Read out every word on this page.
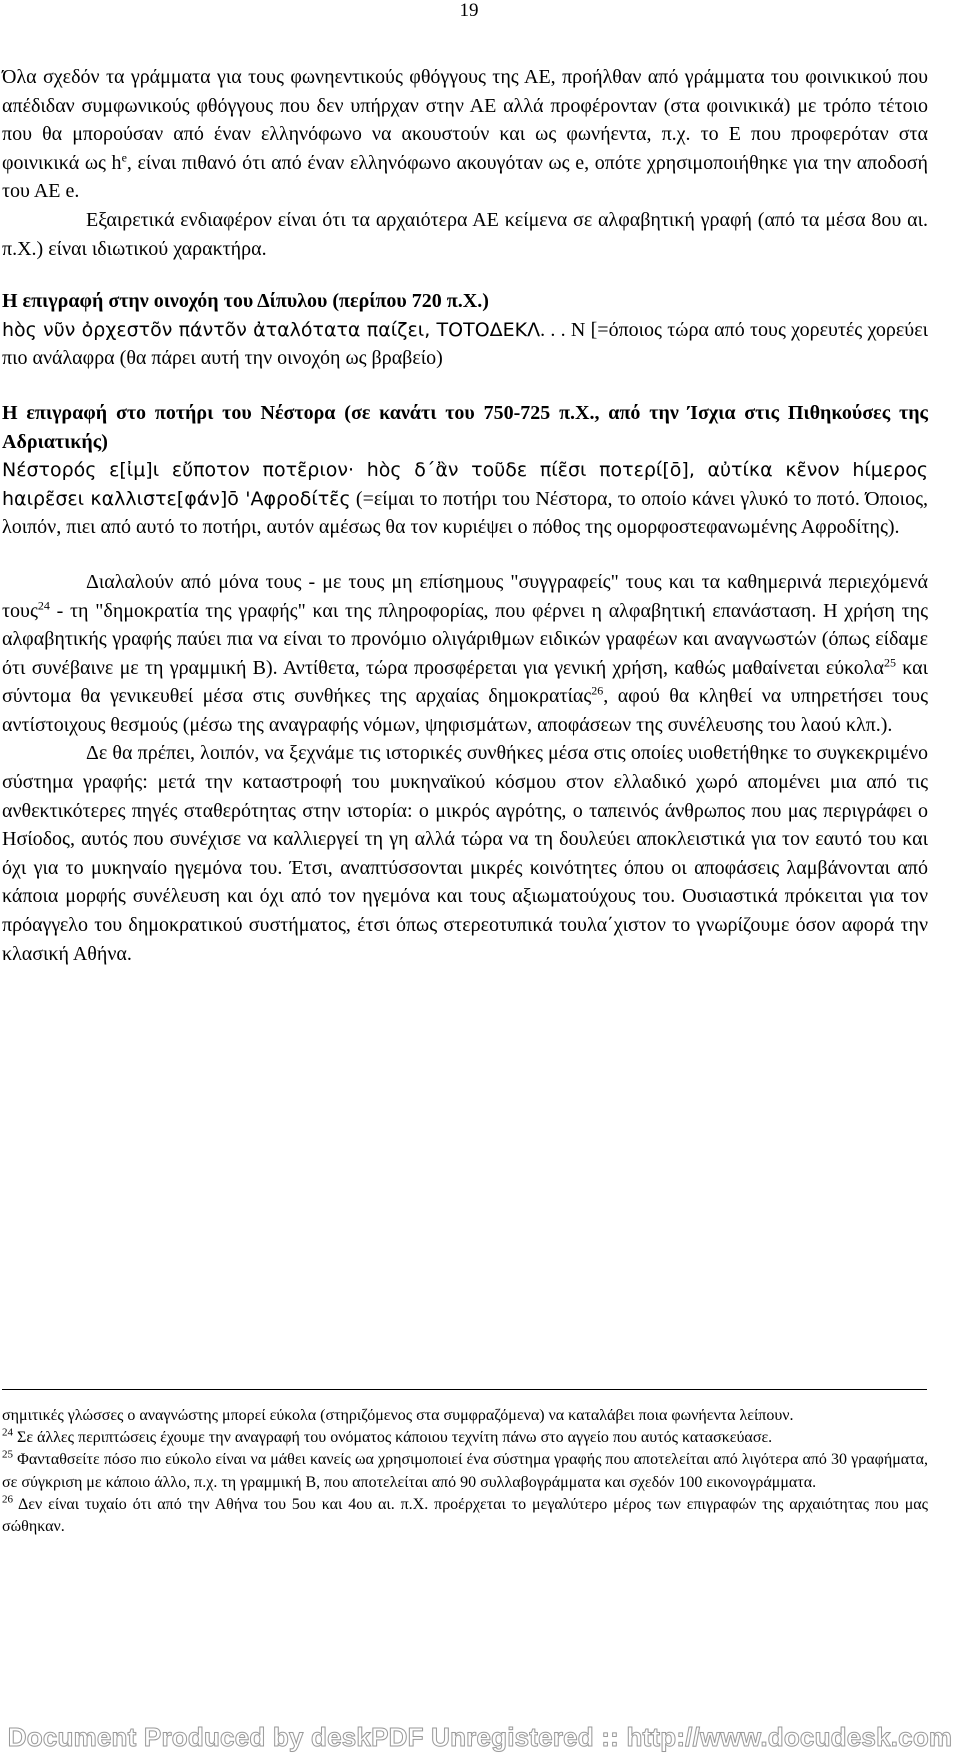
19

Όλα σχεδόν τα γράμματα για τους φωνηεντικούς φθόγγους της ΑΕ, προήλθαν από γράμματα του φοινικικού που απέδιδαν συμφωνικούς φθόγγους που δεν υπήρχαν στην ΑΕ αλλά προφέρονταν (στα φοινικικά) με τρόπο τέτοιο που θα μπορούσαν από έναν ελληνόφωνο να ακουστούν και ως φωνήεντα, π.χ. το Ε που προφερόταν στα φοινικικά ως $h^e$, είναι πιθανό ότι από έναν ελληνόφωνο ακουγόταν ως e, οπότε χρησιμοποιήθηκε για την αποδοσή του ΑΕ e.

Εξαιρετικά ενδιαφέρον είναι ότι τα αρχαιότερα ΑΕ κείμενα σε αλφαβητική γραφή (από τα μέσα 8ου αι. π.Χ.) είναι ιδιωτικού χαρακτήρα.

Η επιγραφή στην οινοχόη του Δίπυλου (περίπου 720 π.Χ.)

hὸς νῦν ὀρχεστõν πάντõν ἀταλότατα παίζει, ΤΟΤΟΔΕΚΛ. . . Ν [=όποιος τώρα από τους χορευτές χορεύει πιο ανάλαφρα (θα πάρει αυτή την οινοχόη ως βραβείο)

Η επιγραφή στο ποτήρι του Νέστορα (σε κανάτι του 750-725 π.Χ., από την Ίσχια στις Πιθηκούσες της Αδριατικής)

Νέστορός ε[ἰμ]ι εὔποτον ποτε͂ριον· hὸς δ΄ἂν τοῦδε πίε͂σι ποτερί[ō], αὐτίκα κε͂νον hίμερος hαιρε͂σει καλλιστε[φάν]ō 'Αφροδίτε͂ς (=είμαι το ποτήρι του Νέστορα, το οποίο κάνει γλυκό το ποτό. Όποιος, λοιπόν, πιει από αυτό το ποτήρι, αυτόν αμέσως θα τον κυριέψει ο πόθος της ομορφοστεφανωμένης Αφροδίτης).

Διαλαλούν από μόνα τους - με τους μη επίσημους "συγγραφείς" τους και τα καθημερινά περιεχόμενά τους$^{24}$ - τη "δημοκρατία της γραφής" και της πληροφορίας, που φέρνει η αλφαβητική επανάσταση. Η χρήση της αλφαβητικής γραφής παύει πια να είναι το προνόμιο ολιγάριθμων ειδικών γραφέων και αναγνωστών (όπως είδαμε ότι συνέβαινε με τη γραμμική Β). Αντίθετα, τώρα προσφέρεται για γενική χρήση, καθώς μαθαίνεται εύκολα$^{25}$ και σύντομα θα γενικευθεί μέσα στις συνθήκες της αρχαίας δημοκρατίας$^{26}$, αφού θα κληθεί να υπηρετήσει τους αντίστοιχους θεσμούς (μέσω της αναγραφής νόμων, ψηφισμάτων, αποφάσεων της συνέλευσης του λαού κλπ.).

Δε θα πρέπει, λοιπόν, να ξεχνάμε τις ιστορικές συνθήκες μέσα στις οποίες υιοθετήθηκε το συγκεκριμένο σύστημα γραφής: μετά την καταστροφή του μυκηναϊκού κόσμου στον ελλαδικό χωρό απομένει μια από τις ανθεκτικότερες πηγές σταθερότητας στην ιστορία: ο μικρός αγρότης, ο ταπεινός άνθρωπος που μας περιγράφει ο Ησίοδος, αυτός που συνέχισε να καλλιεργεί τη γη αλλά τώρα να τη δουλεύει αποκλειστικά για τον εαυτό του και όχι για το μυκηναίο ηγεμόνα του. Έτσι, αναπτύσσονται μικρές κοινότητες όπου οι αποφάσεις λαμβάνονται από κάποια μορφής συνέλευση και όχι από τον ηγεμόνα και τους αξιωματούχους του. Ουσιαστικά πρόκειται για τον πρόαγγελο του δημοκρατικού συστήματος, έτσι όπως στερεοτυπικά τουλα΄χιστον το γνωρίζουμε όσον αφορά την κλασική Αθήνα.

σημιτικές γλώσσες ο αναγνώστης μπορεί εύκολα (στηριζόμενος στα συμφραζόμενα) να καταλάβει ποια φωνήεντα λείπουν.

$^{24}$ Σε άλλες περιπτώσεις έχουμε την αναγραφή του ονόματος κάποιου τεχνίτη πάνω στο αγγείο που αυτός κατασκεύασε.

$^{25}$ Φανταθσείτε πόσο πιο εύκολο είναι να μάθει κανείς ωα χρησιμοποιεί ένα σύστημα γραφής που αποτελείται από λιγότερα από 30 γραφήματα, σε σύγκριση με κάποιο άλλο, π.χ. τη γραμμική Β, που αποτελείται από 90 συλλαβογράμματα και σχεδόν 100 εικονογράμματα.

$^{26}$ Δεν είναι τυχαίο ότι από την Αθήνα του 5ου και 4ου αι. π.Χ. προέρχεται το μεγαλύτερο μέρος των επιγραφών της αρχαιότητας που μας σώθηκαν.

Document Produced by deskPDF Unregistered :: http://www.docudesk.com
